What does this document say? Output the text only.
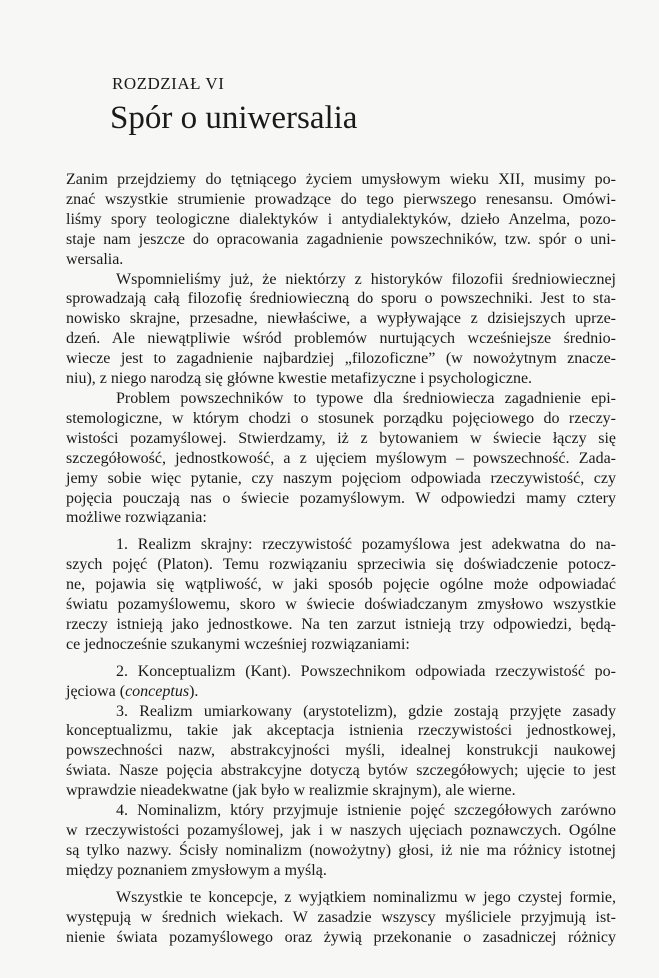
ROZDZIAŁ VI
Spór o uniwersalia

Zanim przejdziemy do tętniącego życiem umysłowym wieku XII, musimy po-
znać wszystkie strumienie prowadzące do tego pierwszego renesansu. Omówi-
liśmy spory teologiczne dialektyków i antydialektyków, dzieło Anzelma, pozo-
staje nam jeszcze do opracowania zagadnienie powszechników, tzw. spór o uni-
wersalia.

Wspomnieliśmy już, że niektórzy z historyków filozofii średniowiecznej
sprowadzają całą filozofię średniowieczną do sporu o powszechniki. Jest to sta-
nowisko skrajne, przesadne, niewłaściwe, a wypływające z dzisiejszych uprze-
dzeń. Ale niewątpliwie wśród problemów nurtujących wcześniejsze średnio-
wiecze jest to zagadnienie najbardziej „filozoficzne” (w nowożytnym znacze-
niu), z niego narodzą się główne kwestie metafizyczne i psychologiczne.

Problem powszechników to typowe dla średniowiecza zagadnienie epi-
stemologiczne, w którym chodzi o stosunek porządku pojęciowego do rzeczy-
wistości pozamyślowej. Stwierdzamy, iż z bytowaniem w świecie łączy się
szczegółowość, jednostkowość, a z ujęciem myślowym – powszechność. Zada-
jemy sobie więc pytanie, czy naszym pojęciom odpowiada rzeczywistość, czy
pojęcia pouczają nas o świecie pozamyślowym. W odpowiedzi mamy cztery
możliwe rozwiązania:

1. Realizm skrajny: rzeczywistość pozamyślowa jest adekwatna do na-
szych pojęć (Platon). Temu rozwiązaniu sprzeciwia się doświadczenie potocz-
ne, pojawia się wątpliwość, w jaki sposób pojęcie ogólne może odpowiadać
światu pozamyślowemu, skoro w świecie doświadczanym zmysłowo wszystkie
rzeczy istnieją jako jednostkowe. Na ten zarzut istnieją trzy odpowiedzi, będą-
ce jednocześnie szukanymi wcześniej rozwiązaniami:

2. Konceptualizm (Kant). Powszechnikom odpowiada rzeczywistość po-
jęciowa (conceptus).

3. Realizm umiarkowany (arystotelizm), gdzie zostają przyjęte zasady
konceptualizmu, takie jak akceptacja istnienia rzeczywistości jednostkowej,
powszechności nazw, abstrakcyjności myśli, idealnej konstrukcji naukowej
świata. Nasze pojęcia abstrakcyjne dotyczą bytów szczegółowych; ujęcie to jest
wprawdzie nieadekwatne (jak było w realizmie skrajnym), ale wierne.

4. Nominalizm, który przyjmuje istnienie pojęć szczegółowych zarówno
w rzeczywistości pozamyślowej, jak i w naszych ujęciach poznawczych. Ogólne
są tylko nazwy. Ścisły nominalizm (nowożytny) głosi, iż nie ma różnicy istotnej
między poznaniem zmysłowym a myślą.

Wszystkie te koncepcje, z wyjątkiem nominalizmu w jego czystej formie,
występują w średnich wiekach. W zasadzie wszyscy myśliciele przyjmują ist-
nienie świata pozamyślowego oraz żywią przekonanie o zasadniczej różnicy
